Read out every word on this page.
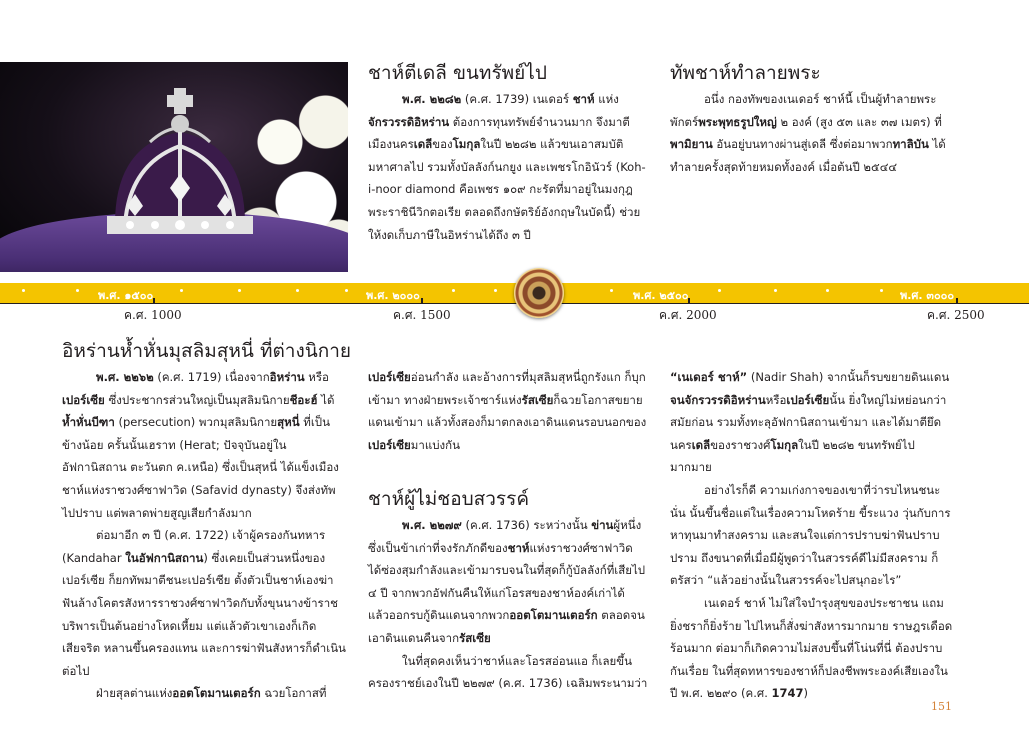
ชาห์ตีเดลี ขนทรัพย์ไป	ทัพชาห์ทำลายพระ

พ.ศ. ๒๒๘๒ (ค.ศ. 1739) เนเดอร์ ชาห์ แห่ง จักรวรรดิอิหร่าน ต้องการทุนทรัพย์จำนวนมาก จึงมาตีเมืองนครเดลีของโมกุลในปี ๒๒๘๒ แล้วขนเอาสมบัติมหาศาลไป รวมทั้งบัลลังก์นกยูง และเพชรโกอินัวร์ (Koh-i-noor diamond คือเพชร ๑๐๙ กะรัตที่มาอยู่ในมงกุฎพระราชินีวิกตอเรีย ตลอดถึงกษัตริย์อังกฤษในบัดนี้) ช่วยให้งดเก็บภาษีในอิหร่านได้ถึง ๓ ปี

อนึ่ง กองทัพของเนเดอร์ ชาห์นี้ เป็นผู้ทำลายพระพักตร์พระพุทธรูปใหญ่ ๒ องค์ (สูง ๕๓ และ ๓๗ เมตร) ที่พามิยาน อันอยู่บนทางผ่านสู่เดลี ซึ่งต่อมาพวกทาลิบัน ได้ทำลายครั้งสุดท้ายหมดทั้งองค์ เมื่อต้นปี ๒๕๔๔

พ.ศ. ๑๕๐๐	พ.ศ. ๒๐๐๐	พ.ศ. ๒๕๐๐	พ.ศ. ๓๐๐๐
ค.ศ. 1000	ค.ศ. 1500	ค.ศ. 2000	ค.ศ. 2500
อิหร่านห้ำหั่นมุสลิมสุหนี่ ที่ต่างนิกาย
ชาห์ผู้ไม่ชอบสวรรค์

พ.ศ. ๒๒๖๒ (ค.ศ. 1719) เนื่องจากอิหร่าน หรือเปอร์เซีย ซึ่งประชากรส่วนใหญ่เป็นมุสลิมนิกายชีอะฮ์ ได้ห้ำหั่นบีฑา (persecution) พวกมุสลิมนิกายสุหนี่ ที่เป็นข้างน้อย ครั้นนั้นเฮราท (Herat; ปัจจุบันอยู่ในอัฟกานิสถาน ตะวันตก ค.เหนือ) ซึ่งเป็นสุหนี่ ได้แข็งเมืองชาห์แห่งราชวงศ์ซาฟาวิด (Safavid dynasty) จึงส่งทัพไปปราบ แต่พลาดพ่ายสูญเสียกำลังมาก

ต่อมาอีก ๓ ปี (ค.ศ. 1722) เจ้าผู้ครองกันทหาร (Kandahar ในอัฟกานิสถาน) ซึ่งเคยเป็นส่วนหนึ่งของเปอร์เซีย ก็ยกทัพมาตีชนะเปอร์เซีย ตั้งตัวเป็นชาห์เองฆ่าฟันล้างโคตรสังหารราชวงศ์ซาฟาวิดกับทั้งขุนนางข้าราชบริพารเป็นต้นอย่างโหดเหี้ยม แต่แล้วตัวเขาเองก็เกิดเสียจริต หลานขึ้นครองแทน และการฆ่าฟันสังหารก็ดำเนินต่อไป

ฝ่ายสุลต่านแห่งออตโตมานเตอร์ก ฉวยโอกาสที่

เปอร์เซียอ่อนกำลัง และอ้างการที่มุสลิมสุหนี่ถูกรังแก ก็บุกเข้ามา ทางฝ่ายพระเจ้าซาร์แห่งรัสเซียก็ฉวยโอกาสขยายแดนเข้ามา แล้วทั้งสองก็มาตกลงเอาดินแดนรอบนอกของเปอร์เซียมาแบ่งกัน

พ.ศ. ๒๒๗๙ (ค.ศ. 1736) ระหว่างนั้น ข่านผู้หนึ่ง ซึ่งเป็นข้าเก่าที่จงรักภักดีของชาห์แห่งราชวงศ์ซาฟาวิด ได้ซ่องสุมกำลังและเข้ามารบจนในที่สุดก็กู้บัลลังก์ที่เสียไป ๔ ปี จากพวกอัฟกันคืนให้แก่โอรสของชาห์องค์เก่าได้ แล้วออกรบกู้ดินแดนจากพวกออตโตมานเตอร์ก ตลอดจนเอาดินแดนคืนจากรัสเซีย

ในที่สุดคงเห็นว่าชาห์และโอรสอ่อนแอ ก็เลยขึ้นครองราชย์เองในปี ๒๒๗๙ (ค.ศ. 1736) เฉลิมพระนามว่า

“เนเดอร์ ชาห์” (Nadir Shah) จากนั้นก็รบขยายดินแดนจนจักรวรรดิอิหร่านหรือเปอร์เซียนั้น ยิ่งใหญ่ไม่หย่อนกว่าสมัยก่อน รวมทั้งทะลุอัฟกานิสถานเข้ามา และได้มาตียึดนครเดลีของราชวงศ์โมกุลในปี ๒๒๘๒ ขนทรัพย์ไปมากมาย

อย่างไรก็ดี ความเก่งกาจของเขาที่ว่ารบไหนชนะนั่น นั้นขึ้นชื่อแต่ในเรื่องความโหดร้าย ขี้ระแวง วุ่นกับการหาทุนมาทำสงคราม และสนใจแต่การปราบฆ่าฟันปราบปราม ถึงขนาดที่เมื่อมีผู้พูดว่าในสวรรค์ดีไม่มีสงคราม ก็ตรัสว่า “แล้วอย่างนั้นในสวรรค์จะไปสนุกอะไร”

เนเดอร์ ชาห์ ไม่ใส่ใจบำรุงสุขของประชาชน แถมยิ่งชราก็ยิ่งร้าย ไปไหนก็สั่งฆ่าสังหารมากมาย ราษฎรเดือดร้อนมาก ต่อมาก็เกิดความไม่สงบขึ้นที่โน่นที่นี่ ต้องปราบกันเรื่อย ในที่สุดทหารของชาห์ก็ปลงชีพพระองค์เสียเองในปี พ.ศ. ๒๒๙๐ (ค.ศ. 1747)

151
